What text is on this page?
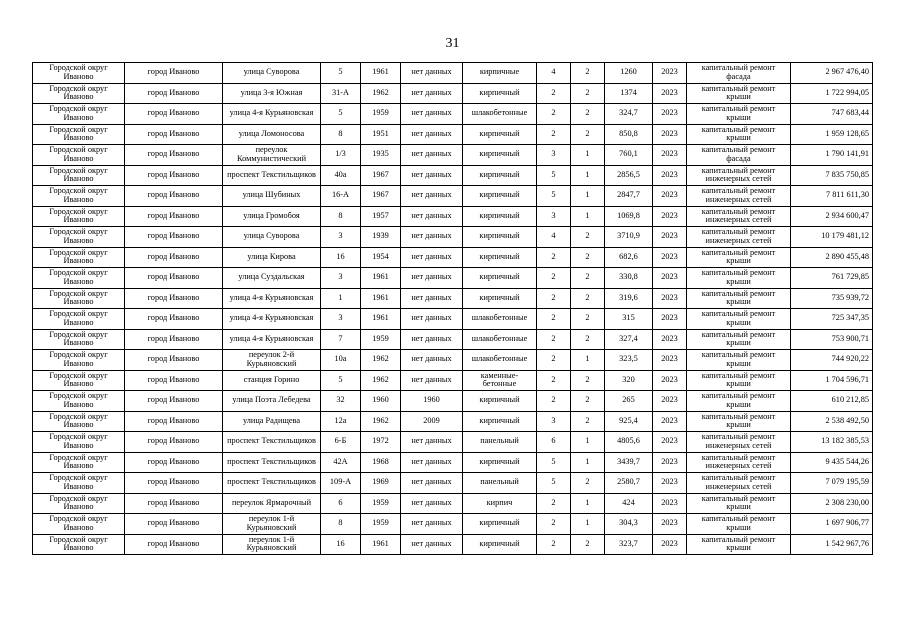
31
Городской округ Иваново	город Иваново	улица Суворова	5	1961	нет данных	кирпичные	4	2	1260	2023	капитальный ремонт фасада	2 967 476,40
Городской округ Иваново	город Иваново	улица 3-я Южная	31-А	1962	нет данных	кирпичный	2	2	1374	2023	капитальный ремонт крыши	1 722 994,05
Городской округ Иваново	город Иваново	улица 4-я Курьяновская	5	1959	нет данных	шлакобетонные	2	2	324,7	2023	капитальный ремонт крыши	747 683,44
Городской округ Иваново	город Иваново	улица Ломоносова	8	1951	нет данных	кирпичный	2	2	850,8	2023	капитальный ремонт крыши	1 959 128,65
Городской округ Иваново	город Иваново	переулок Коммунистический	1/3	1935	нет данных	кирпичный	3	1	760,1	2023	капитальный ремонт фасада	1 790 141,91
Городской округ Иваново	город Иваново	проспект Текстильщиков	40а	1967	нет данных	кирпичный	5	1	2856,5	2023	капитальный ремонт инженерных сетей	7 835 750,85
Городской округ Иваново	город Иваново	улица Шубиных	16-А	1967	нет данных	кирпичный	5	1	2847,7	2023	капитальный ремонт инженерных сетей	7 811 611,30
Городской округ Иваново	город Иваново	улица Громобоя	8	1957	нет данных	кирпичный	3	1	1069,8	2023	капитальный ремонт инженерных сетей	2 934 600,47
Городской округ Иваново	город Иваново	улица Суворова	3	1939	нет данных	кирпичный	4	2	3710,9	2023	капитальный ремонт инженерных сетей	10 179 481,12
Городской округ Иваново	город Иваново	улица Кирова	16	1954	нет данных	кирпичный	2	2	682,6	2023	капитальный ремонт крыши	2 890 455,48
Городской округ Иваново	город Иваново	улица Суздальская	3	1961	нет данных	кирпичный	2	2	330,8	2023	капитальный ремонт крыши	761 729,85
Городской округ Иваново	город Иваново	улица 4-я Курьяновская	1	1961	нет данных	кирпичный	2	2	319,6	2023	капитальный ремонт крыши	735 939,72
Городской округ Иваново	город Иваново	улица 4-я Курьяновская	3	1961	нет данных	шлакобетонные	2	2	315	2023	капитальный ремонт крыши	725 347,35
Городской округ Иваново	город Иваново	улица 4-я Курьяновская	7	1959	нет данных	шлакобетонные	2	2	327,4	2023	капитальный ремонт крыши	753 900,71
Городской округ Иваново	город Иваново	переулок 2-й Курьяновский	10а	1962	нет данных	шлакобетонные	2	1	323,5	2023	капитальный ремонт крыши	744 920,22
Городской округ Иваново	город Иваново	станция Горино	5	1962	нет данных	каменные- бетонные	2	2	320	2023	капитальный ремонт крыши	1 704 596,71
Городской округ Иваново	город Иваново	улица Поэта Лебедева	32	1960	1960	кирпичный	2	2	265	2023	капитальный ремонт крыши	610 212,85
Городской округ Иваново	город Иваново	улица Радищева	12а	1962	2009	кирпичный	3	2	925,4	2023	капитальный ремонт крыши	2 538 492,50
Городской округ Иваново	город Иваново	проспект Текстильщиков	6-Б	1972	нет данных	панельный	6	1	4805,6	2023	капитальный ремонт инженерных сетей	13 182 385,53
Городской округ Иваново	город Иваново	проспект Текстильщиков	42А	1968	нет данных	кирпичный	5	1	3439,7	2023	капитальный ремонт инженерных сетей	9 435 544,26
Городской округ Иваново	город Иваново	проспект Текстильщиков	109-А	1969	нет данных	панельный	5	2	2580,7	2023	капитальный ремонт инженерных сетей	7 079 195,59
Городской округ Иваново	город Иваново	переулок Ярмарочный	6	1959	нет данных	кирпич	2	1	424	2023	капитальный ремонт крыши	2 308 230,00
Городской округ Иваново	город Иваново	переулок 1-й Курьяновский	8	1959	нет данных	кирпичный	2	1	304,3	2023	капитальный ремонт крыши	1 697 906,77
Городской округ Иваново	город Иваново	переулок 1-й Курьяновский	16	1961	нет данных	кирпичный	2	2	323,7	2023	капитальный ремонт крыши	1 542 967,76
